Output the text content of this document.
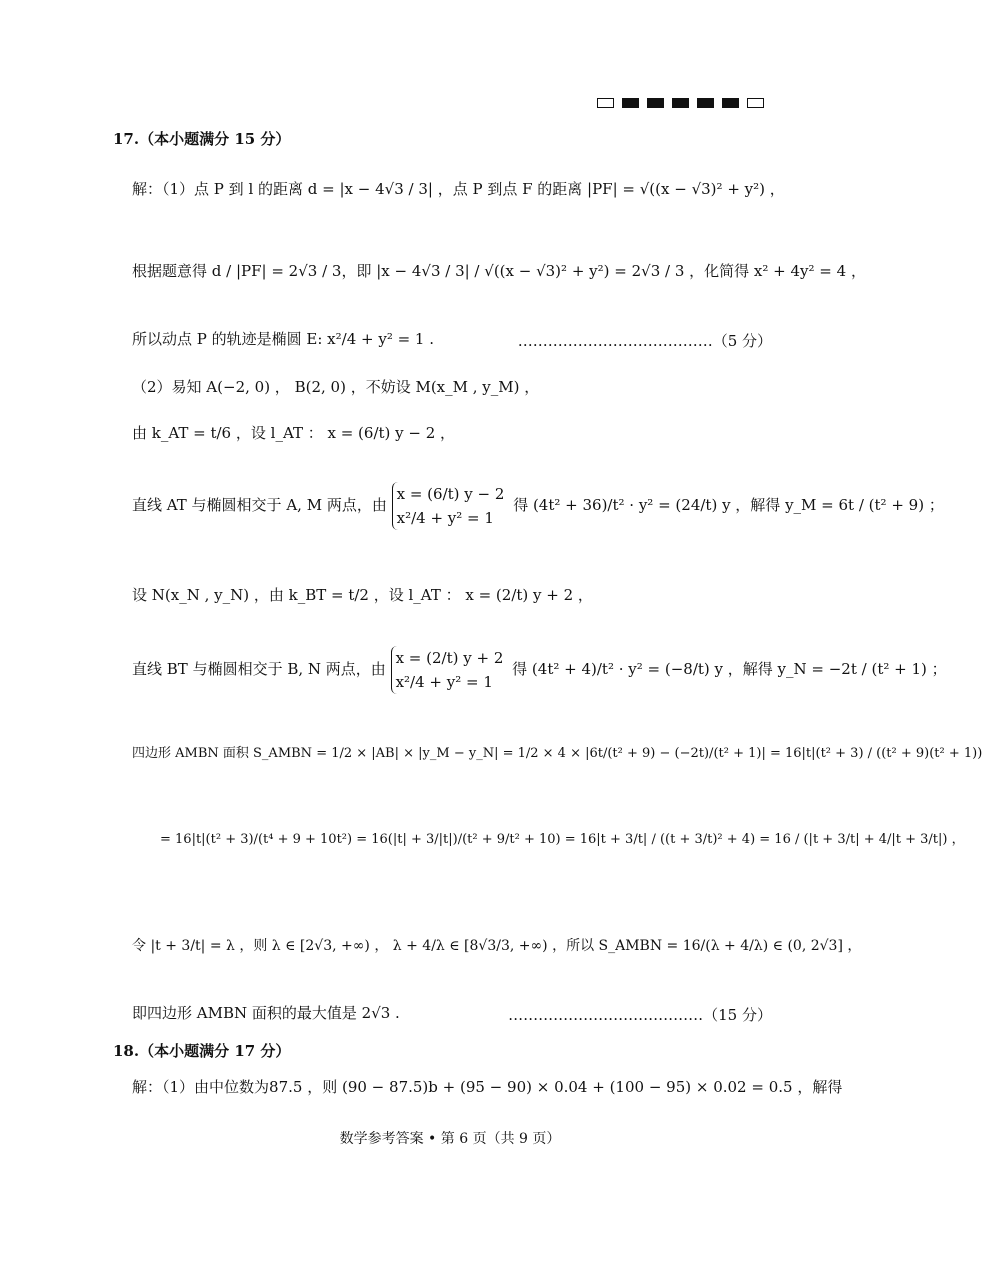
17.（本小题满分 15 分）
解：（1）点 P 到 l 的距离 d = |x − 4√3 / 3| ，点 P 到点 F 的距离 |PF| = √((x − √3)² + y²) ，
根据题意得 d / |PF| = 2√3 / 3，即 |x − 4√3 / 3| / √((x − √3)² + y²) = 2√3 / 3 ，化简得 x² + 4y² = 4 ，
所以动点 P 的轨迹是椭圆 E: x²/4 + y² = 1 .	…………………………………（5 分）
（2）易知 A(−2, 0) ， B(2, 0) ，不妨设 M(x_M , y_M) ，
由 k_AT = t/6 ，设 l_AT ： x = (6/t) y − 2 ，
直线 AT 与椭圆相交于 A, M 两点，由
x = (6/t) y − 2
x²/4 + y² = 1
得 (4t² + 36)/t² · y² = (24/t) y ，解得 y_M = 6t / (t² + 9) ；
设 N(x_N , y_N) ，由 k_BT = t/2 ，设 l_AT ： x = (2/t) y + 2 ，
直线 BT 与椭圆相交于 B, N 两点，由
x = (2/t) y + 2
x²/4 + y² = 1
得 (4t² + 4)/t² · y² = (−8/t) y ，解得 y_N = −2t / (t² + 1) ；
四边形 AMBN 面积 S_AMBN = 1/2 × |AB| × |y_M − y_N| = 1/2 × 4 × |6t/(t² + 9) − (−2t)/(t² + 1)| = 16|t|(t² + 3) / ((t² + 9)(t² + 1))
= 16|t|(t² + 3)/(t⁴ + 9 + 10t²) = 16(|t| + 3/|t|)/(t² + 9/t² + 10) = 16|t + 3/t| / ((t + 3/t)² + 4) = 16 / (|t + 3/t| + 4/|t + 3/t|) ，
令 |t + 3/t| = λ ，则 λ ∈ [2√3, +∞) ， λ + 4/λ ∈ [8√3/3, +∞) ，所以 S_AMBN = 16/(λ + 4/λ) ∈ (0, 2√3] ，
即四边形 AMBN 面积的最大值是 2√3 .	…………………………………（15 分）
18.（本小题满分 17 分）
解：（1）由中位数为87.5 ，则 (90 − 87.5)b + (95 − 90) × 0.04 + (100 − 95) × 0.02 = 0.5 ，解得
数学参考答案 • 第 6 页（共 9 页）
